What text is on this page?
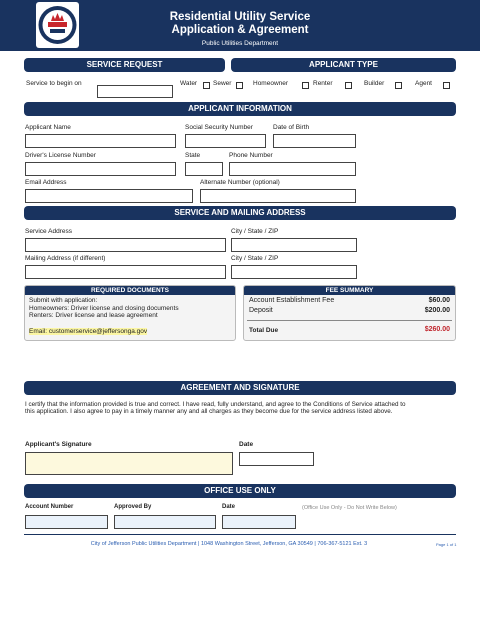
Residential Utility Service
Application & Agreement
Public Utilities Department
SERVICE REQUEST	APPLICANT TYPE
Service to begin on	Water Sewer	Homeowner	Renter	Builder	Agent
APPLICANT INFORMATION
Applicant Name	Social Security Number	Date of Birth
Driver's License Number	State	Phone Number
Email Address	Alternate Number (optional)
SERVICE AND MAILING ADDRESS
Service Address	City / State / ZIP
Mailing Address (if different)	City / State / ZIP
REQUIRED DOCUMENTS
Submit with application:
Homeowners: Driver license and closing documents
Renters: Driver license and lease agreement
Email: customerservice@jeffersonga.gov
FEE SUMMARY
Account Establishment Fee	$60.00
Deposit	$200.00
Total Due	$260.00
AGREEMENT AND SIGNATURE
I certify that the information provided is true and correct. I have read, fully understand, and agree to the Conditions of Service attached to
this application. I also agree to pay in a timely manner any and all charges as they become due for the service address listed above.
Applicant's Signature	Date
OFFICE USE ONLY
Account Number	Approved By	Date	(Office Use Only - Do Not Write Below)
City of Jefferson Public Utilities Department | 1048 Washington Street, Jefferson, GA 30549 | 706-367-5121 Ext. 3	Page 1 of 1
